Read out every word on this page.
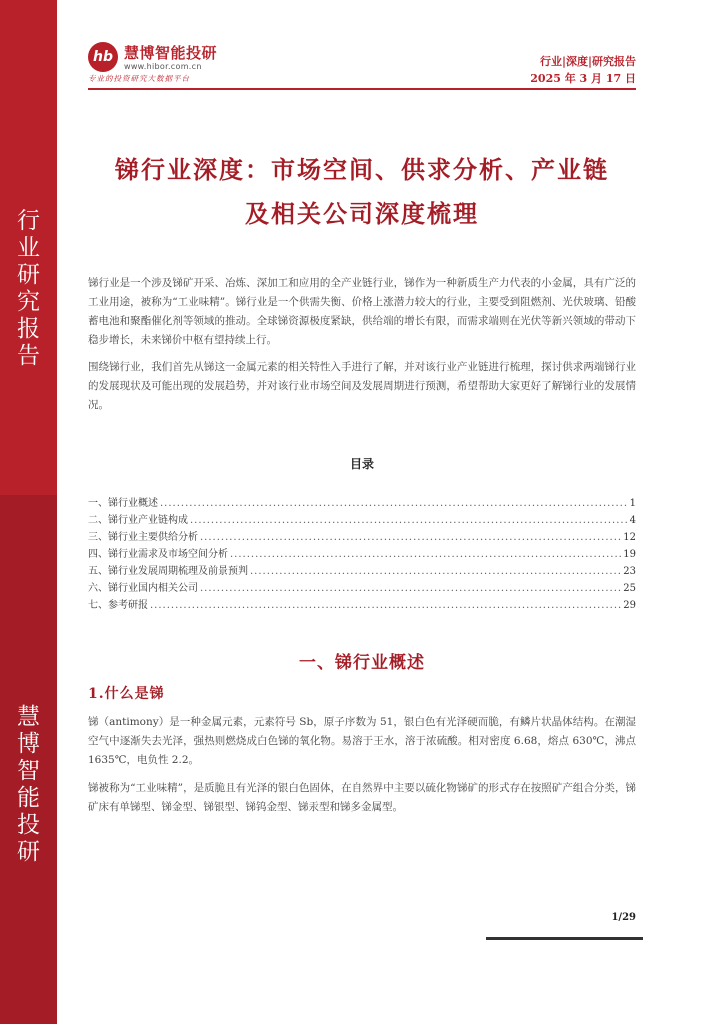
行
业
研
究
报
告
慧
博
智
能
投
研
hb 慧博智能投研
www.hibor.com.cn
专业的投资研究大数据平台
行业|深度|研究报告
2025 年 3 月 17 日
锑行业深度：市场空间、供求分析、产业链
及相关公司深度梳理

锑行业是一个涉及锑矿开采、冶炼、深加工和应用的全产业链行业，锑作为一种新质生产力代表的小金属，具有广泛的工业用途，被称为“工业味精”。锑行业是一个供需失衡、价格上涨潜力较大的行业，主要受到阻燃剂、光伏玻璃、铅酸蓄电池和聚酯催化剂等领域的推动。全球锑资源极度紧缺，供给端的增长有限，而需求端则在光伏等新兴领域的带动下稳步增长，未来锑价中枢有望持续上行。

围绕锑行业，我们首先从锑这一金属元素的相关特性入手进行了解，并对该行业产业链进行梳理，探讨供求两端锑行业的发展现状及可能出现的发展趋势，并对该行业市场空间及发展周期进行预测，希望帮助大家更好了解锑行业的发展情况。

目录
一、锑行业概述 .....	1
二、锑行业产业链构成 .....	4
三、锑行业主要供给分析 .....	12
四、锑行业需求及市场空间分析 .....	19
五、锑行业发展周期梳理及前景预判 .....	23
六、锑行业国内相关公司 .....	25
七、参考研报 .....	29
一、锑行业概述
1.什么是锑

锑（antimony）是一种金属元素，元素符号 Sb，原子序数为 51，银白色有光泽硬而脆，有鳞片状晶体结构。在潮湿空气中逐渐失去光泽，强热则燃烧成白色锑的氧化物。易溶于王水，溶于浓硫酸。相对密度 6.68，熔点 630℃，沸点 1635℃，电负性 2.2。

锑被称为“工业味精”，是质脆且有光泽的银白色固体，在自然界中主要以硫化物锑矿的形式存在按照矿产组合分类，锑矿床有单锑型、锑金型、锑银型、锑钨金型、锑汞型和锑多金属型。

1/29
